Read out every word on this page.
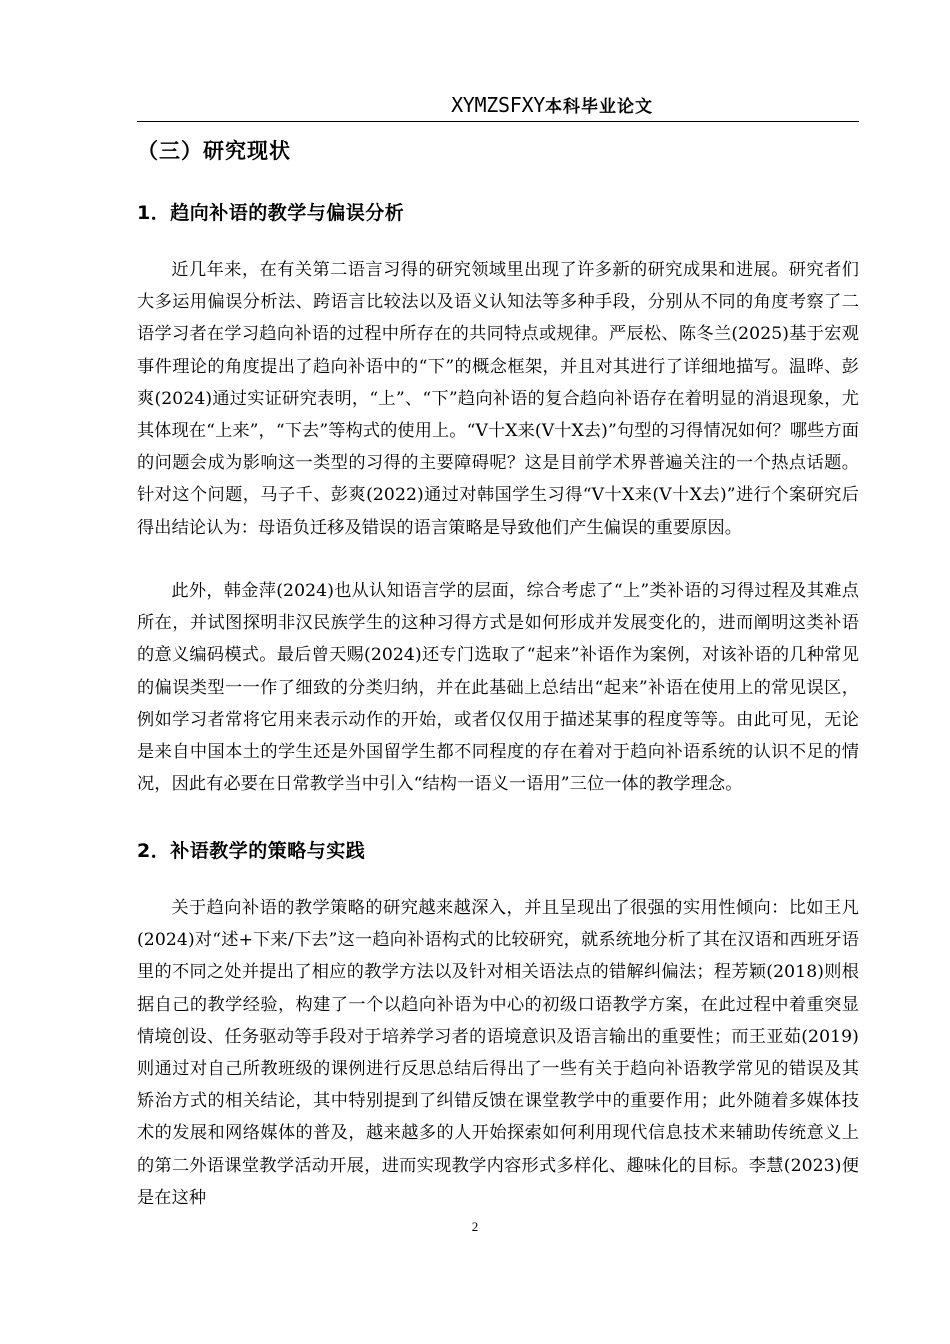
XYMZSFXY本科毕业论文
（三）研究现状
1．趋向补语的教学与偏误分析

近几年来，在有关第二语言习得的研究领域里出现了许多新的研究成果和进展。研究者们大多运用偏误分析法、跨语言比较法以及语义认知法等多种手段，分别从不同的角度考察了二语学习者在学习趋向补语的过程中所存在的共同特点或规律。严辰松、陈冬兰(2025)基于宏观事件理论的角度提出了趋向补语中的“下”的概念框架，并且对其进行了详细地描写。温晔、彭爽(2024)通过实证研究表明，“上”、“下”趋向补语的复合趋向补语存在着明显的消退现象，尤其体现在“上来”，“下去”等构式的使用上。“V十X来(V十X去)”句型的习得情况如何？哪些方面的问题会成为影响这一类型的习得的主要障碍呢？这是目前学术界普遍关注的一个热点话题。针对这个问题，马子千、彭爽(2022)通过对韩国学生习得“V十X来(V十X去)”进行个案研究后得出结论认为：母语负迁移及错误的语言策略是导致他们产生偏误的重要原因。

此外，韩金萍(2024)也从认知语言学的层面，综合考虑了“上”类补语的习得过程及其难点所在，并试图探明非汉民族学生的这种习得方式是如何形成并发展变化的，进而阐明这类补语的意义编码模式。最后曾天赐(2024)还专门选取了“起来”补语作为案例，对该补语的几种常见的偏误类型一一作了细致的分类归纳，并在此基础上总结出“起来”补语在使用上的常见误区，例如学习者常将它用来表示动作的开始，或者仅仅用于描述某事的程度等等。由此可见，无论是来自中国本土的学生还是外国留学生都不同程度的存在着对于趋向补语系统的认识不足的情况，因此有必要在日常教学当中引入“结构一语义一语用”三位一体的教学理念。

2．补语教学的策略与实践

关于趋向补语的教学策略的研究越来越深入，并且呈现出了很强的实用性倾向：比如王凡(2024)对“述+下来/下去”这一趋向补语构式的比较研究，就系统地分析了其在汉语和西班牙语里的不同之处并提出了相应的教学方法以及针对相关语法点的错解纠偏法；程芳颖(2018)则根据自己的教学经验，构建了一个以趋向补语为中心的初级口语教学方案，在此过程中着重突显情境创设、任务驱动等手段对于培养学习者的语境意识及语言输出的重要性；而王亚茹(2019)则通过对自己所教班级的课例进行反思总结后得出了一些有关于趋向补语教学常见的错误及其矫治方式的相关结论，其中特别提到了纠错反馈在课堂教学中的重要作用；此外随着多媒体技术的发展和网络媒体的普及，越来越多的人开始探索如何利用现代信息技术来辅助传统意义上的第二外语课堂教学活动开展，进而实现教学内容形式多样化、趣味化的目标。李慧(2023)便是在这种

2
